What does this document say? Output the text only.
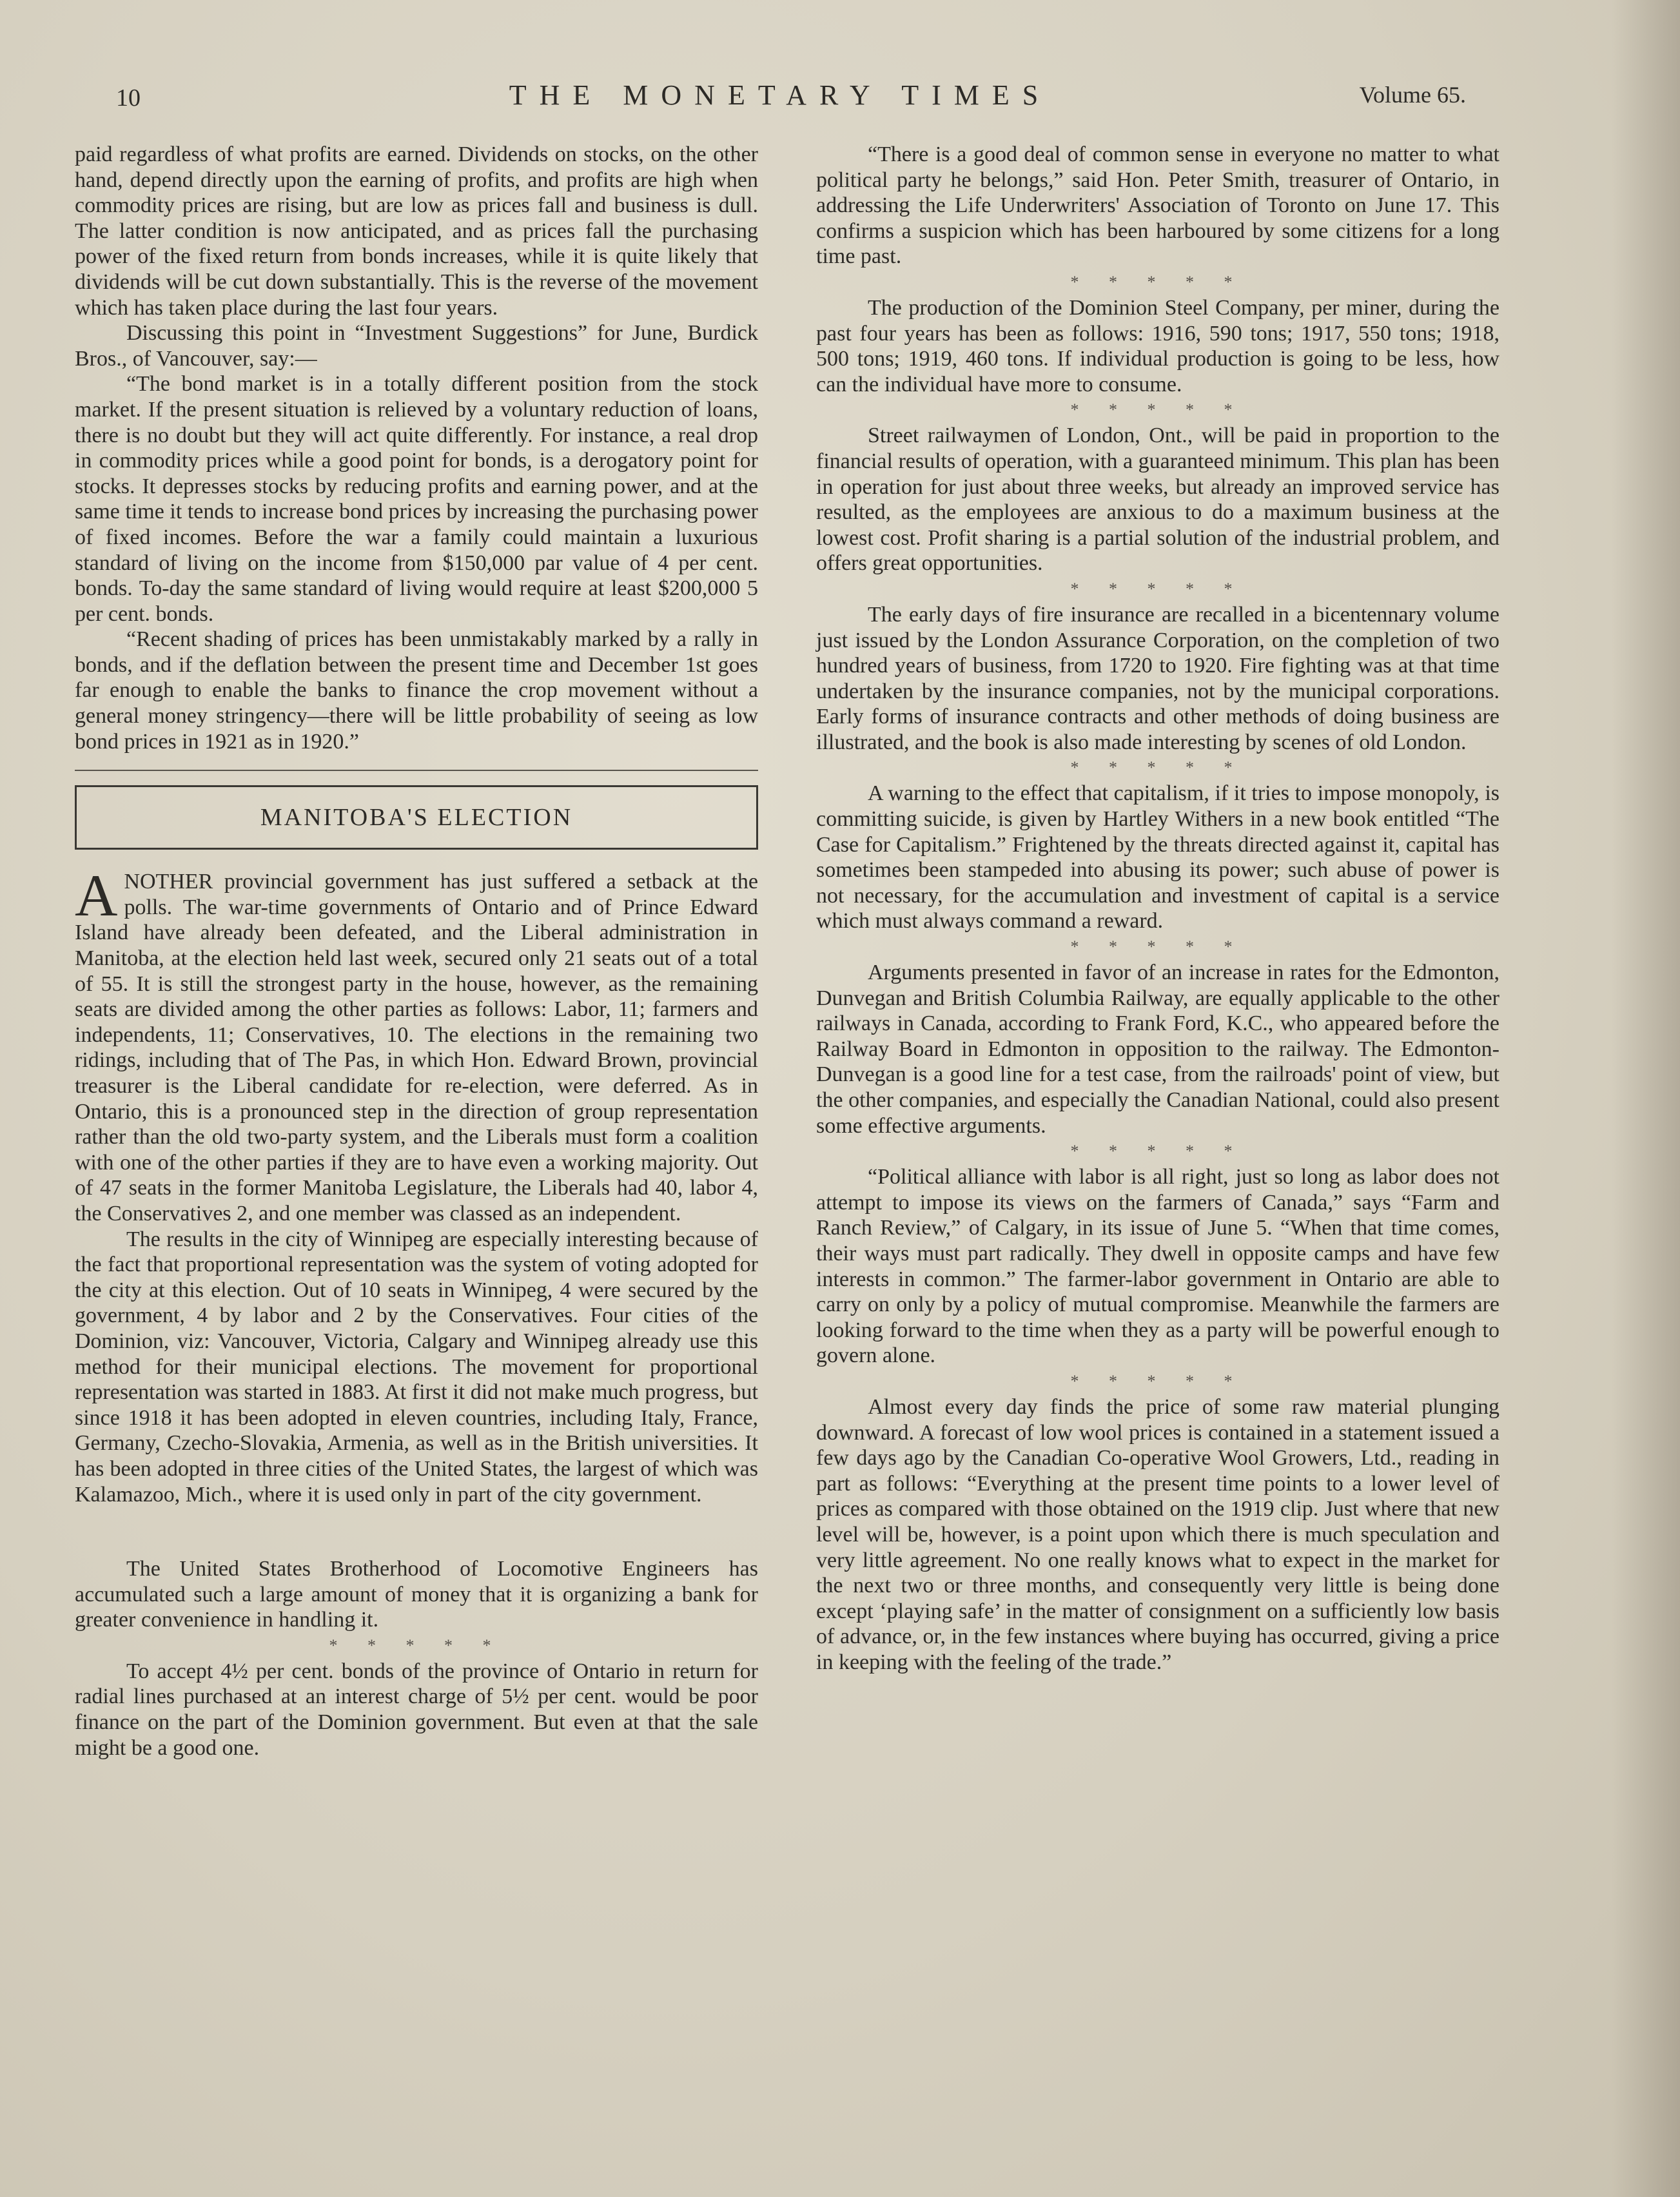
10	THE MONETARY TIMES	Volume 65.

paid regardless of what profits are earned. Dividends on stocks, on the other hand, depend directly upon the earning of profits, and profits are high when commodity prices are rising, but are low as prices fall and business is dull. The latter condition is now anticipated, and as prices fall the purchasing power of the fixed return from bonds increases, while it is quite likely that dividends will be cut down substantially. This is the reverse of the movement which has taken place during the last four years.

Discussing this point in “Investment Suggestions” for June, Burdick Bros., of Vancouver, say:—

“The bond market is in a totally different position from the stock market. If the present situation is relieved by a voluntary reduction of loans, there is no doubt but they will act quite differently. For instance, a real drop in commodity prices while a good point for bonds, is a derogatory point for stocks. It depresses stocks by reducing profits and earning power, and at the same time it tends to increase bond prices by increasing the purchasing power of fixed incomes. Before the war a family could maintain a luxurious standard of living on the income from $150,000 par value of 4 per cent. bonds. To-day the same standard of living would require at least $200,000 5 per cent. bonds.

“Recent shading of prices has been unmistakably marked by a rally in bonds, and if the deflation between the present time and December 1st goes far enough to enable the banks to finance the crop movement without a general money stringency—there will be little probability of seeing as low bond prices in 1921 as in 1920.”

MANITOBA'S ELECTION

ANOTHER provincial government has just suffered a setback at the polls. The war-time governments of Ontario and of Prince Edward Island have already been defeated, and the Liberal administration in Manitoba, at the election held last week, secured only 21 seats out of a total of 55. It is still the strongest party in the house, however, as the remaining seats are divided among the other parties as follows: Labor, 11; farmers and independents, 11; Conservatives, 10. The elections in the remaining two ridings, including that of The Pas, in which Hon. Edward Brown, provincial treasurer is the Liberal candidate for re-election, were deferred. As in Ontario, this is a pronounced step in the direction of group representation rather than the old two-party system, and the Liberals must form a coalition with one of the other parties if they are to have even a working majority. Out of 47 seats in the former Manitoba Legislature, the Liberals had 40, labor 4, the Conservatives 2, and one member was classed as an independent.

The results in the city of Winnipeg are especially interesting because of the fact that proportional representation was the system of voting adopted for the city at this election. Out of 10 seats in Winnipeg, 4 were secured by the government, 4 by labor and 2 by the Conservatives. Four cities of the Dominion, viz: Vancouver, Victoria, Calgary and Winnipeg already use this method for their municipal elections. The movement for proportional representation was started in 1883. At first it did not make much progress, but since 1918 it has been adopted in eleven countries, including Italy, France, Germany, Czecho-Slovakia, Armenia, as well as in the British universities. It has been adopted in three cities of the United States, the largest of which was Kalamazoo, Mich., where it is used only in part of the city government.

The United States Brotherhood of Locomotive Engineers has accumulated such a large amount of money that it is organizing a bank for greater convenience in handling it.

* * * * *

To accept 4½ per cent. bonds of the province of Ontario in return for radial lines purchased at an interest charge of 5½ per cent. would be poor finance on the part of the Dominion government. But even at that the sale might be a good one.

“There is a good deal of common sense in everyone no matter to what political party he belongs,” said Hon. Peter Smith, treasurer of Ontario, in addressing the Life Underwriters' Association of Toronto on June 17. This confirms a suspicion which has been harboured by some citizens for a long time past.

* * * * *

The production of the Dominion Steel Company, per miner, during the past four years has been as follows: 1916, 590 tons; 1917, 550 tons; 1918, 500 tons; 1919, 460 tons. If individual production is going to be less, how can the individual have more to consume.

* * * * *

Street railwaymen of London, Ont., will be paid in proportion to the financial results of operation, with a guaranteed minimum. This plan has been in operation for just about three weeks, but already an improved service has resulted, as the employees are anxious to do a maximum business at the lowest cost. Profit sharing is a partial solution of the industrial problem, and offers great opportunities.

* * * * *

The early days of fire insurance are recalled in a bicentennary volume just issued by the London Assurance Corporation, on the completion of two hundred years of business, from 1720 to 1920. Fire fighting was at that time undertaken by the insurance companies, not by the municipal corporations. Early forms of insurance contracts and other methods of doing business are illustrated, and the book is also made interesting by scenes of old London.

* * * * *

A warning to the effect that capitalism, if it tries to impose monopoly, is committing suicide, is given by Hartley Withers in a new book entitled “The Case for Capitalism.” Frightened by the threats directed against it, capital has sometimes been stampeded into abusing its power; such abuse of power is not necessary, for the accumulation and investment of capital is a service which must always command a reward.

* * * * *

Arguments presented in favor of an increase in rates for the Edmonton, Dunvegan and British Columbia Railway, are equally applicable to the other railways in Canada, according to Frank Ford, K.C., who appeared before the Railway Board in Edmonton in opposition to the railway. The Edmonton-Dunvegan is a good line for a test case, from the railroads' point of view, but the other companies, and especially the Canadian National, could also present some effective arguments.

* * * * *

“Political alliance with labor is all right, just so long as labor does not attempt to impose its views on the farmers of Canada,” says “Farm and Ranch Review,” of Calgary, in its issue of June 5. “When that time comes, their ways must part radically. They dwell in opposite camps and have few interests in common.” The farmer-labor government in Ontario are able to carry on only by a policy of mutual compromise. Meanwhile the farmers are looking forward to the time when they as a party will be powerful enough to govern alone.

* * * * *

Almost every day finds the price of some raw material plunging downward. A forecast of low wool prices is contained in a statement issued a few days ago by the Canadian Co-operative Wool Growers, Ltd., reading in part as follows: “Everything at the present time points to a lower level of prices as compared with those obtained on the 1919 clip. Just where that new level will be, however, is a point upon which there is much speculation and very little agreement. No one really knows what to expect in the market for the next two or three months, and consequently very little is being done except ‘playing safe’ in the matter of consignment on a sufficiently low basis of advance, or, in the few instances where buying has occurred, giving a price in keeping with the feeling of the trade.”
